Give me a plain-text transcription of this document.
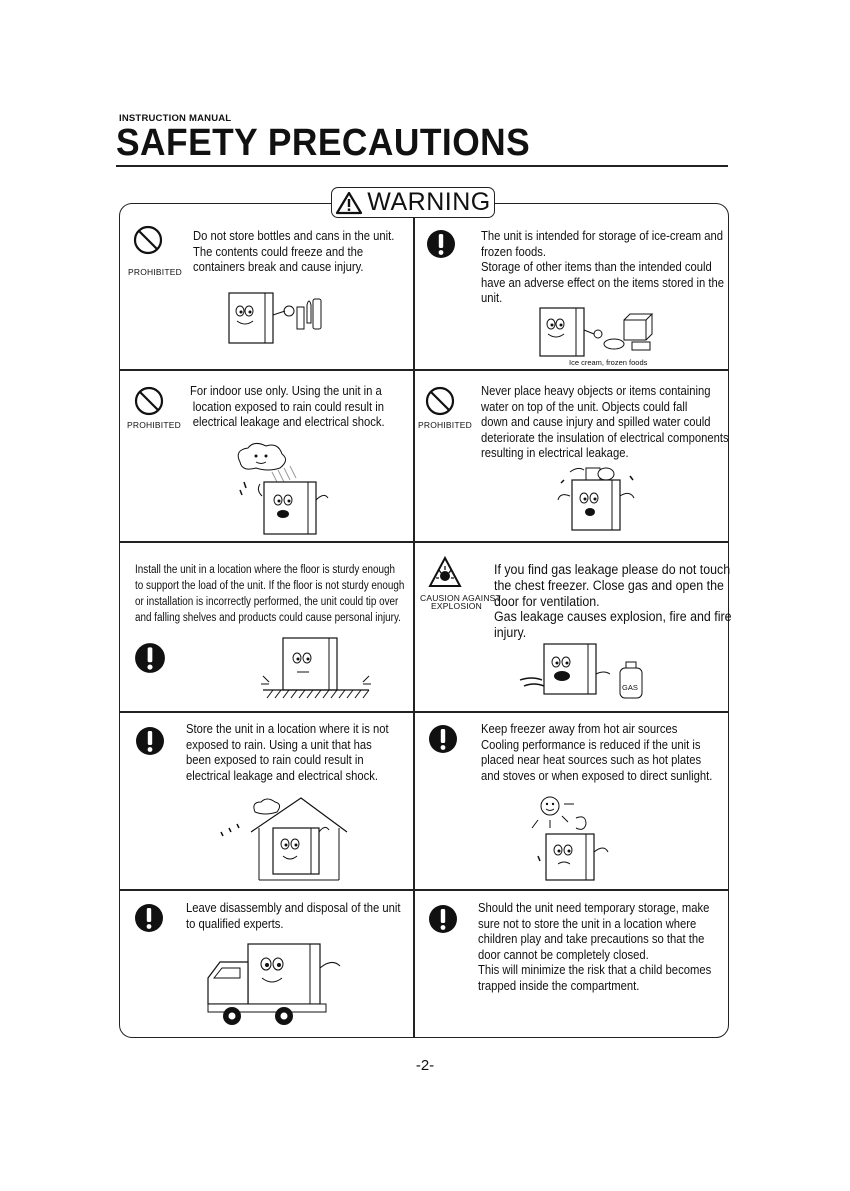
INSTRUCTION MANUAL
SAFETY PRECAUTIONS
WARNING
PROHIBITED
Do not store bottles and cans in the unit.
The contents could freeze and the
containers break and cause injury.
The unit is intended for storage of ice-cream and
frozen foods.
Storage of other items than the intended could
have an adverse effect on the items stored in the
unit.
Ice cream, frozen foods
PROHIBITED
For indoor use only. Using the unit in a
location exposed to rain could result in
electrical leakage and electrical shock.	PROHIBITED
Never place heavy objects or items containing
water on top of the unit. Objects could fall
down and cause injury and spilled water could
deteriorate the insulation of electrical components
resulting in electrical leakage.
Install the unit in a location where the floor is sturdy enough
to support the load of the unit. If the floor is not sturdy enough
or installation is incorrectly performed, the unit could tip over
and falling shelves and products could cause personal injury.
CAUSION AGAINST
EXPLOSION
If you find gas leakage please do not touch
the chest freezer. Close gas and open the
door for ventilation.
Gas leakage causes explosion, fire and fire
injury.
GAS
Store the unit in a location where it is not
exposed to rain. Using a unit that has
been exposed to rain could result in
electrical leakage and electrical shock.
Keep freezer away from hot air sources
Cooling performance is reduced if the unit is
placed near heat sources such as hot plates
and stoves or when exposed to direct sunlight.
Leave disassembly and disposal of the unit
to qualified experts.
Should the unit need temporary storage, make
sure not to store the unit in a location where
children play and take precautions so that the
door cannot be completely closed.
This will minimize the risk that a child becomes
trapped inside the compartment.
-2-
